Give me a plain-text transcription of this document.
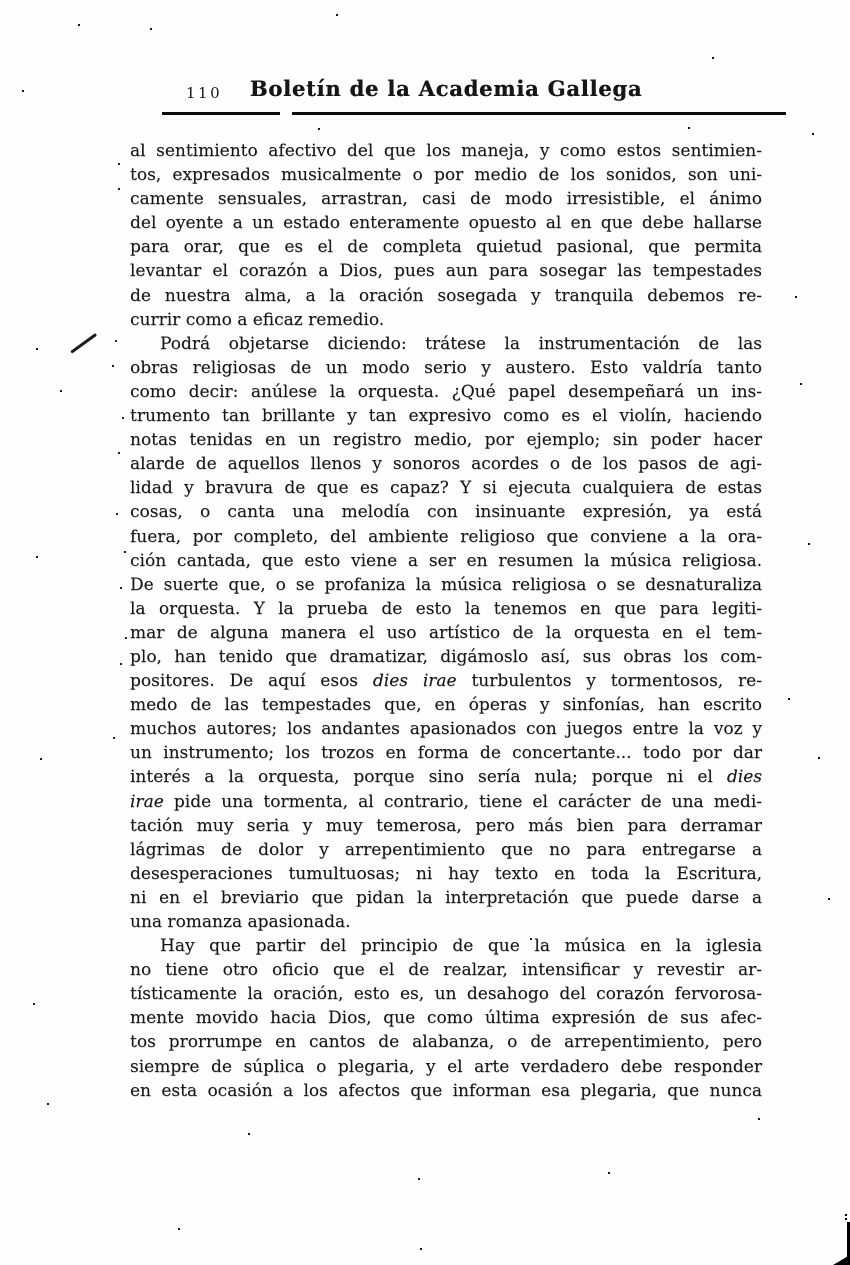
110	Boletín de la Academia Gallega
al sentimiento afectivo del que los maneja, y como estos sentimien-
tos, expresados musicalmente o por medio de los sonidos, son uni-
camente sensuales, arrastran, casi de modo irresistible, el ánimo
del oyente a un estado enteramente opuesto al en que debe hallarse
para orar, que es el de completa quietud pasional, que permita
levantar el corazón a Dios, pues aun para sosegar las tempestades
de nuestra alma, a la oración sosegada y tranquila debemos re-
currir como a eficaz remedio.
Podrá objetarse diciendo: trátese la instrumentación de las
obras religiosas de un modo serio y austero. Esto valdría tanto
como decir: anúlese la orquesta. ¿Qué papel desempeñará un ins-
trumento tan brillante y tan expresivo como es el violín, haciendo
notas tenidas en un registro medio, por ejemplo; sin poder hacer
alarde de aquellos llenos y sonoros acordes o de los pasos de agi-
lidad y bravura de que es capaz? Y si ejecuta cualquiera de estas
cosas, o canta una melodía con insinuante expresión, ya está
fuera, por completo, del ambiente religioso que conviene a la ora-
ción cantada, que esto viene a ser en resumen la música religiosa.
De suerte que, o se profaniza la música religiosa o se desnaturaliza
la orquesta. Y la prueba de esto la tenemos en que para legiti-
mar de alguna manera el uso artístico de la orquesta en el tem-
plo, han tenido que dramatizar, digámoslo así, sus obras los com-
positores. De aquí esos dies irae turbulentos y tormentosos, re-
medo de las tempestades que, en óperas y sinfonías, han escrito
muchos autores; los andantes apasionados con juegos entre la voz y
un instrumento; los trozos en forma de concertante... todo por dar
interés a la orquesta, porque sino sería nula; porque ni el dies
irae pide una tormenta, al contrario, tiene el carácter de una medi-
tación muy seria y muy temerosa, pero más bien para derramar
lágrimas de dolor y arrepentimiento que no para entregarse a
desesperaciones tumultuosas; ni hay texto en toda la Escritura,
ni en el breviario que pidan la interpretación que puede darse a
una romanza apasionada.
Hay que partir del principio de que la música en la iglesia
no tiene otro oficio que el de realzar, intensificar y revestir ar-
tísticamente la oración, esto es, un desahogo del corazón fervorosa-
mente movido hacia Dios, que como última expresión de sus afec-
tos prorrumpe en cantos de alabanza, o de arrepentimiento, pero
siempre de súplica o plegaria, y el arte verdadero debe responder
en esta ocasión a los afectos que informan esa plegaria, que nunca
